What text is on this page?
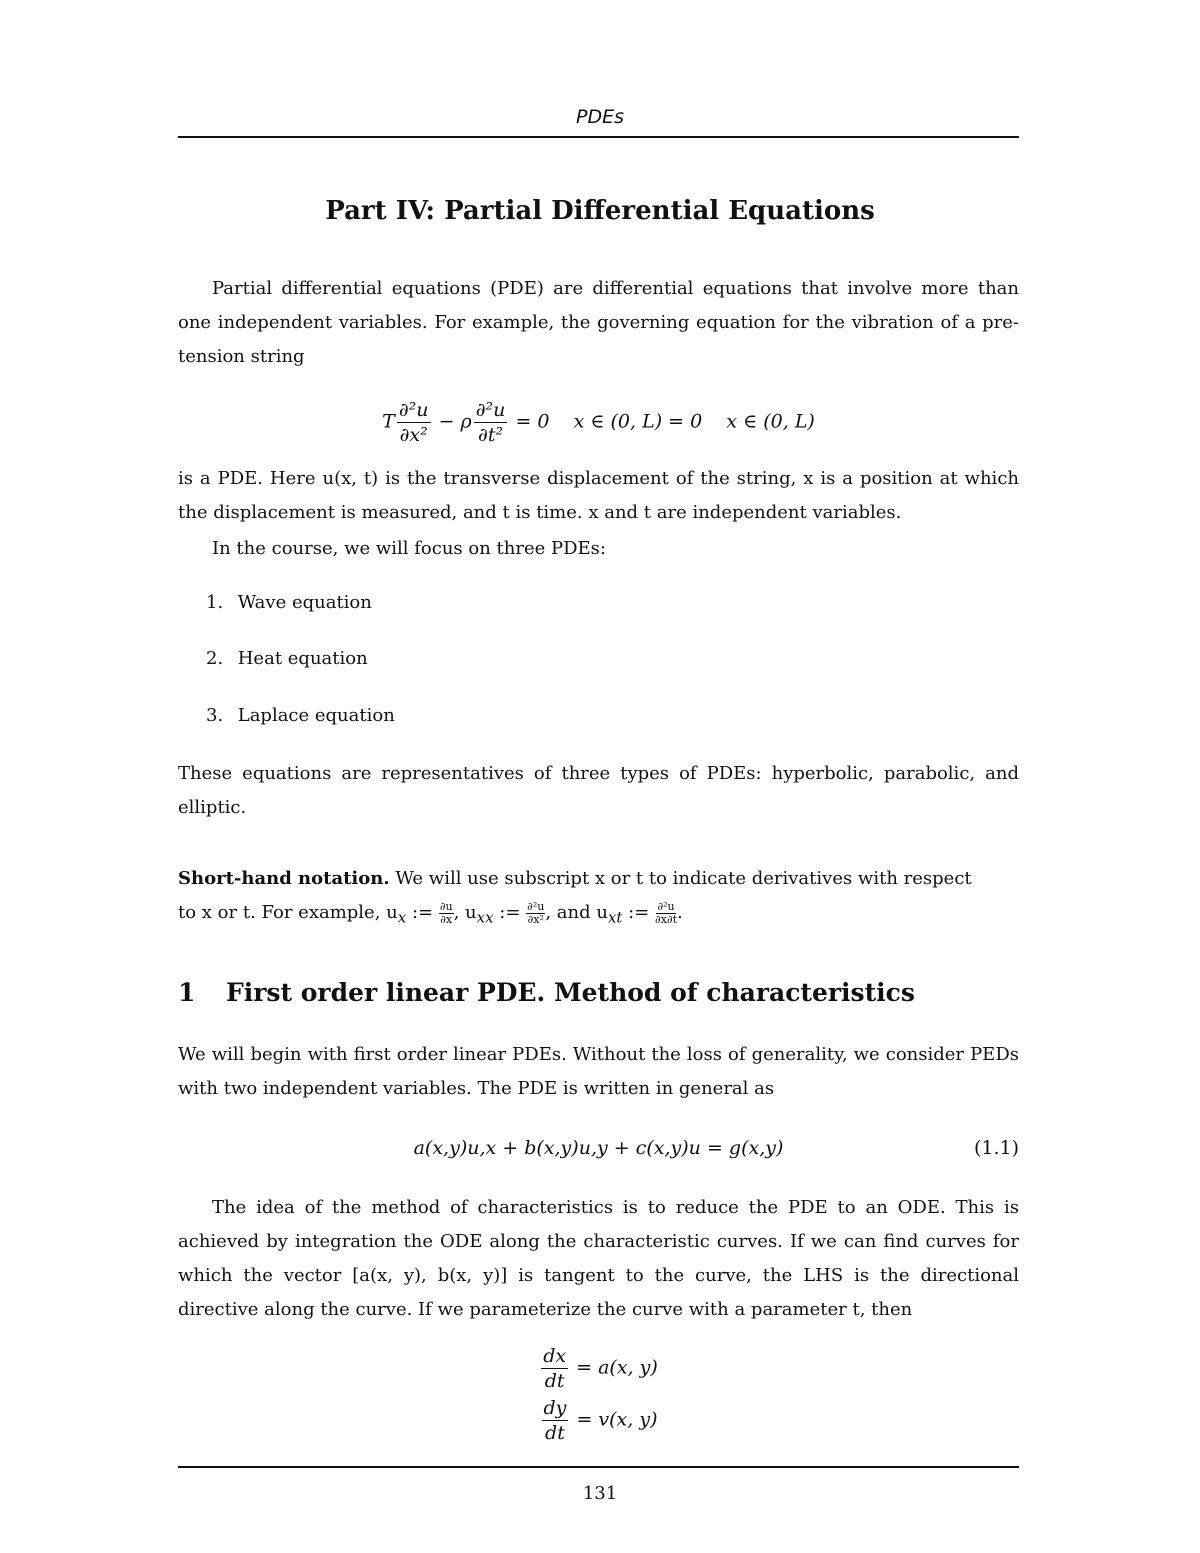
PDEs
Part IV: Partial Differential Equations

Partial differential equations (PDE) are differential equations that involve more than one independent variables. For example, the governing equation for the vibration of a pre-tension string

T $\frac{\text{∂²u}}{\text{∂x²}} - \rho \frac{\text{∂²u}}{\text{∂t²}} = 0$    x ∈ (0, L) = 0    x ∈ (0, L)

is a PDE. Here u(x, t) is the transverse displacement of the string, x is a position at which the displacement is measured, and t is time. x and t are independent variables.

In the course, we will focus on three PDEs:

1. Wave equation
2. Heat equation
3. Laplace equation

These equations are representatives of three types of PDEs: hyperbolic, parabolic, and elliptic.

Short-hand notation. We will use subscript x or t to indicate derivatives with respect
to x or t. For example, $u_x$ := $\frac{\partial u}{\partial x}$ , $u_{xx}$ := $\frac{\text{∂²u}}{\text{∂x²}}$ , and $u_{xt}$ := $\frac{\text{∂²u}}{\partial x\partial t}$ .
1 First order linear PDE. Method of characteristics

We will begin with first order linear PDEs. Without the loss of generality, we consider PEDs with two independent variables. The PDE is written in general as

a(x,y)u,x + b(x,y)u,y + c(x,y)u = g(x,y)	(1.1)

The idea of the method of characteristics is to reduce the PDE to an ODE. This is achieved by integration the ODE along the characteristic curves. If we can find curves for which the vector [a(x, y), b(x, y)] is tangent to the curve, the LHS is the directional directive along the curve. If we parameterize the curve with a parameter t, then

$\frac{dx}{dt} = a(x$, y)
$\frac{dy}{dt} = v(x$, y)
131
